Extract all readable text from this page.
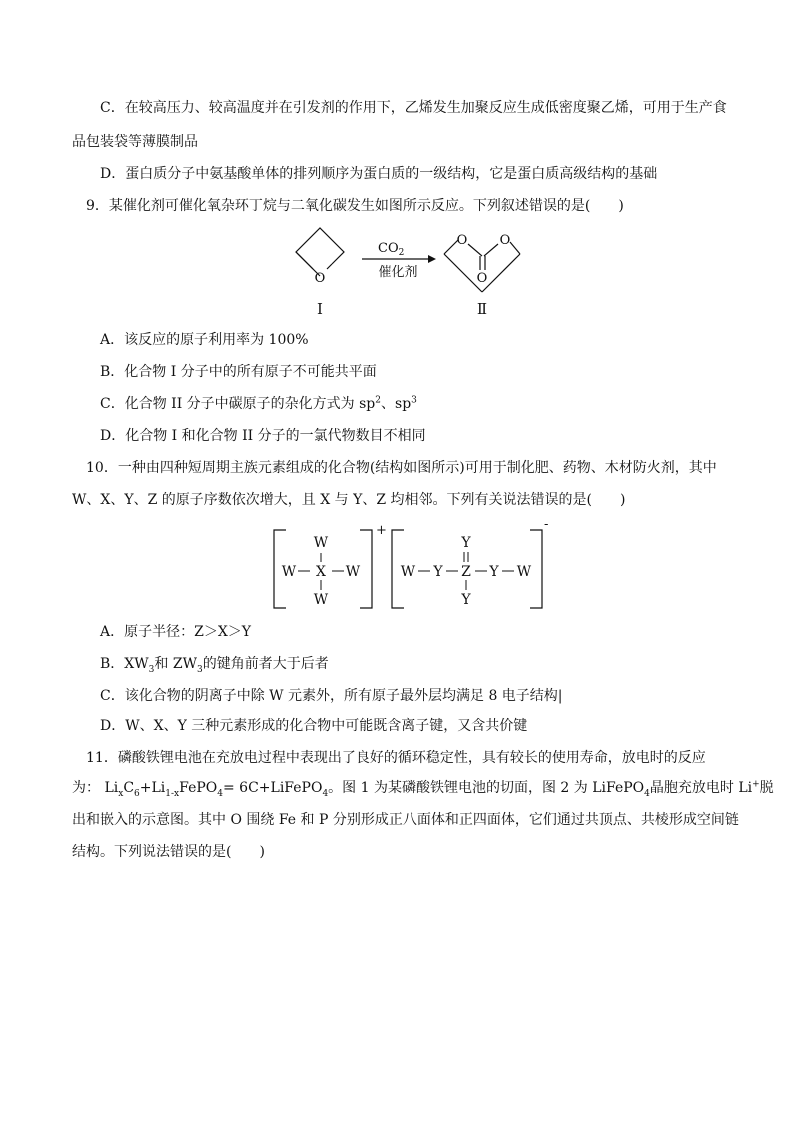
C．在较高压力、较高温度并在引发剂的作用下，乙烯发生加聚反应生成低密度聚乙烯，可用于生产食
品包装袋等薄膜制品
D．蛋白质分子中氨基酸单体的排列顺序为蛋白质的一级结构，它是蛋白质高级结构的基础
9．某催化剂可催化氧杂环丁烷与二氧化碳发生如图所示反应。下列叙述错误的是(　　)
O
I
$CO_2$
催化剂
O O
O
Ⅱ
A．该反应的原子利用率为 100%
B．化合物 I 分子中的所有原子不可能共平面
C．化合物 II 分子中碳原子的杂化方式为 $sp^2$、$sp^3$
D．化合物 I 和化合物 II 分子的一氯代物数目不相同
10．一种由四种短周期主族元素组成的化合物(结构如图所示)可用于制化肥、药物、木材防火剂，其中
W、X、Y、Z 的原子序数依次增大，且 X 与 Y、Z 均相邻。下列有关说法错误的是(　　)
+
W
W X W
W
-
Y
W Y Z Y W
Y
A．原子半径：Z＞X＞Y
B．$XW_3$和 $ZW_3$的键角前者大于后者
C．该化合物的阴离子中除 W 元素外，所有原子最外层均满足 8 电子结构|
D．W、X、Y 三种元素形成的化合物中可能既含离子键，又含共价键
11．磷酸铁锂电池在充放电过程中表现出了良好的循环稳定性，具有较长的使用寿命，放电时的反应
为： $Li_xC_6+Li_{1-x}FePO_4=$ 6C+LiFePO$_4$。图 1 为某磷酸铁锂电池的切面，图 2 为 LiFePO$_4$晶胞充放电时 Li+脱
出和嵌入的示意图。其中 O 围绕 Fe 和 P 分别形成正八面体和正四面体，它们通过共顶点、共棱形成空间链
结构。下列说法错误的是(　　)
